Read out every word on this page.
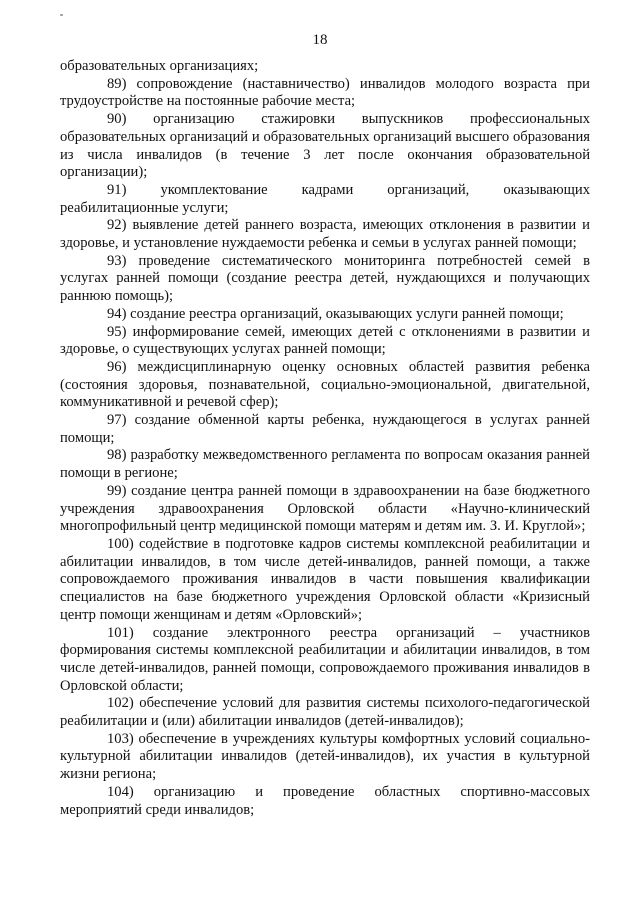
18

образовательных организациях;

89) сопровождение (наставничество) инвалидов молодого возраста при трудоустройстве на постоянные рабочие места;

90) организацию стажировки выпускников профессиональных образовательных организаций и образовательных организаций высшего образования из числа инвалидов (в течение 3 лет после окончания образовательной организации);

91) укомплектование кадрами организаций, оказывающих реабилитационные услуги;

92) выявление детей раннего возраста, имеющих отклонения в развитии и здоровье, и установление нуждаемости ребенка и семьи в услугах ранней помощи;

93) проведение систематического мониторинга потребностей семей в услугах ранней помощи (создание реестра детей, нуждающихся и получающих раннюю помощь);

94) создание реестра организаций, оказывающих услуги ранней помощи;

95) информирование семей, имеющих детей с отклонениями в развитии и здоровье, о существующих услугах ранней помощи;

96) междисциплинарную оценку основных областей развития ребенка (состояния здоровья, познавательной, социально-эмоциональной, двигательной, коммуникативной и речевой сфер);

97) создание обменной карты ребенка, нуждающегося в услугах ранней помощи;

98) разработку межведомственного регламента по вопросам оказания ранней помощи в регионе;

99) создание центра ранней помощи в здравоохранении на базе бюджетного учреждения здравоохранения Орловской области «Научно-клинический многопрофильный центр медицинской помощи матерям и детям им. З. И. Круглой»;

100) содействие в подготовке кадров системы комплексной реабилитации и абилитации инвалидов, в том числе детей-инвалидов, ранней помощи, а также сопровождаемого проживания инвалидов в части повышения квалификации специалистов на базе бюджетного учреждения Орловской области «Кризисный центр помощи женщинам и детям «Орловский»;

101) создание электронного реестра организаций – участников формирования системы комплексной реабилитации и абилитации инвалидов, в том числе детей-инвалидов, ранней помощи, сопровождаемого проживания инвалидов в Орловской области;

102) обеспечение условий для развития системы психолого-педагогической реабилитации и (или) абилитации инвалидов (детей-инвалидов);

103) обеспечение в учреждениях культуры комфортных условий социально-культурной абилитации инвалидов (детей-инвалидов), их участия в культурной жизни региона;

104) организацию и проведение областных спортивно-массовых мероприятий среди инвалидов;
